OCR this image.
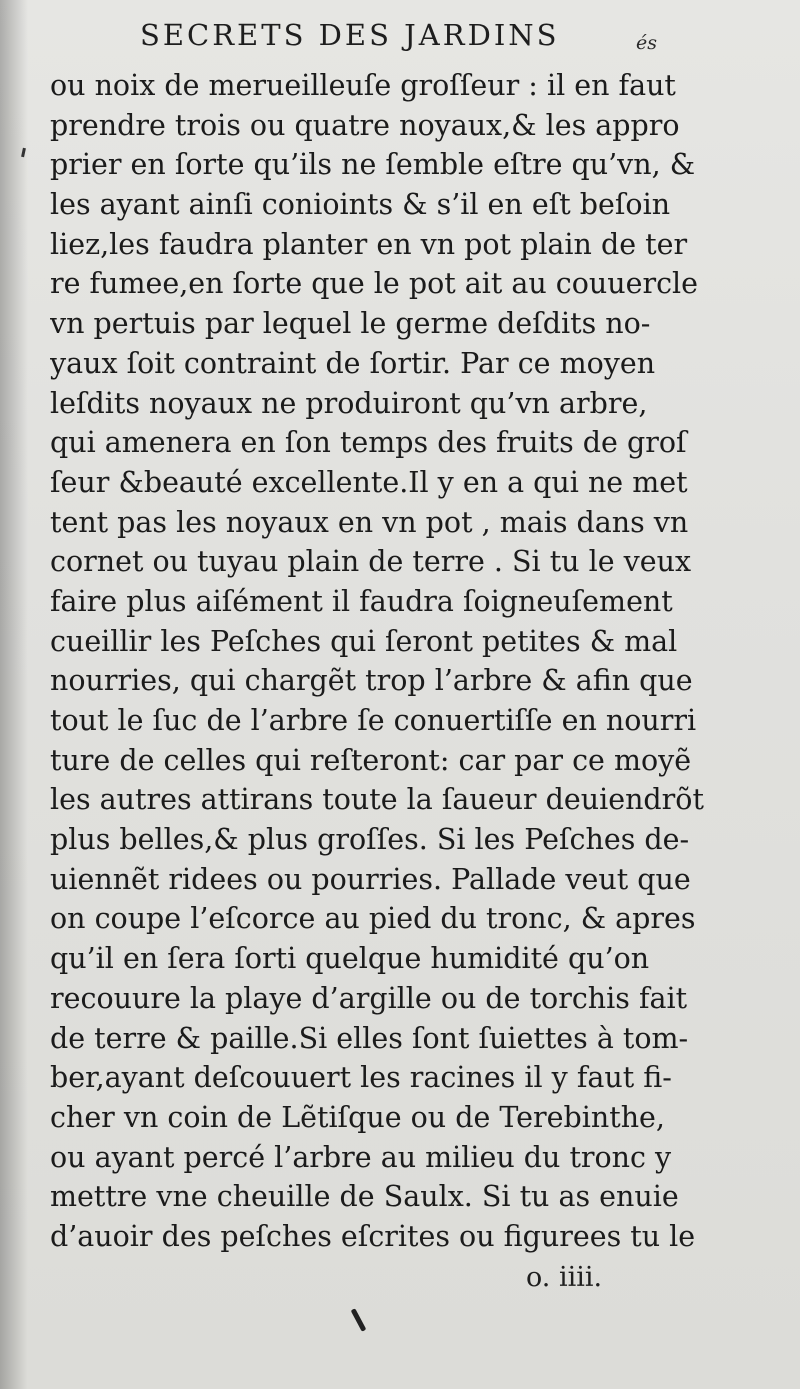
SECRETS DES JARDINS	és
ou noix de merueilleuſe groſſeur : il en faut
prendre trois ou quatre noyaux,& les appro
prier en ſorte qu’ils ne ſemble eſtre qu’vn, &
les ayant ainſi conioints & s’il en eſt beſoin
liez,les faudra planter en vn pot plain de ter
re fumee,en ſorte que le pot ait au couuercle
vn pertuis par lequel le germe deſdits no-
yaux ſoit contraint de ſortir. Par ce moyen
leſdits noyaux ne produiront qu’vn arbre,
qui amenera en ſon temps des fruits de groſ
ſeur &beauté excellente.Il y en a qui ne met
tent pas les noyaux en vn pot , mais dans vn
cornet ou tuyau plain de terre . Si tu le veux
faire plus aiſément il faudra ſoigneuſement
cueillir les Peſches qui ſeront petites & mal
nourries, qui chargẽt trop l’arbre & afin que
tout le ſuc de l’arbre ſe conuertiſſe en nourri
ture de celles qui reſteront: car par ce moyẽ
les autres attirans toute la ſaueur deuiendrõt
plus belles,& plus groſſes. Si les Peſches de-
uiennẽt ridees ou pourries. Pallade veut que
on coupe l’eſcorce au pied du tronc, & apres
qu’il en ſera ſorti quelque humidité qu’on
recouure la playe d’argille ou de torchis fait
de terre & paille.Si elles ſont ſuiettes à tom-
ber,ayant deſcouuert les racines il y faut fi-
cher vn coin de Lẽtiſque ou de Terebinthe,
ou ayant percé l’arbre au milieu du tronc y
mettre vne cheuille de Saulx. Si tu as enuie
d’auoir des peſches eſcrites ou figurees tu le
o. iiii.
